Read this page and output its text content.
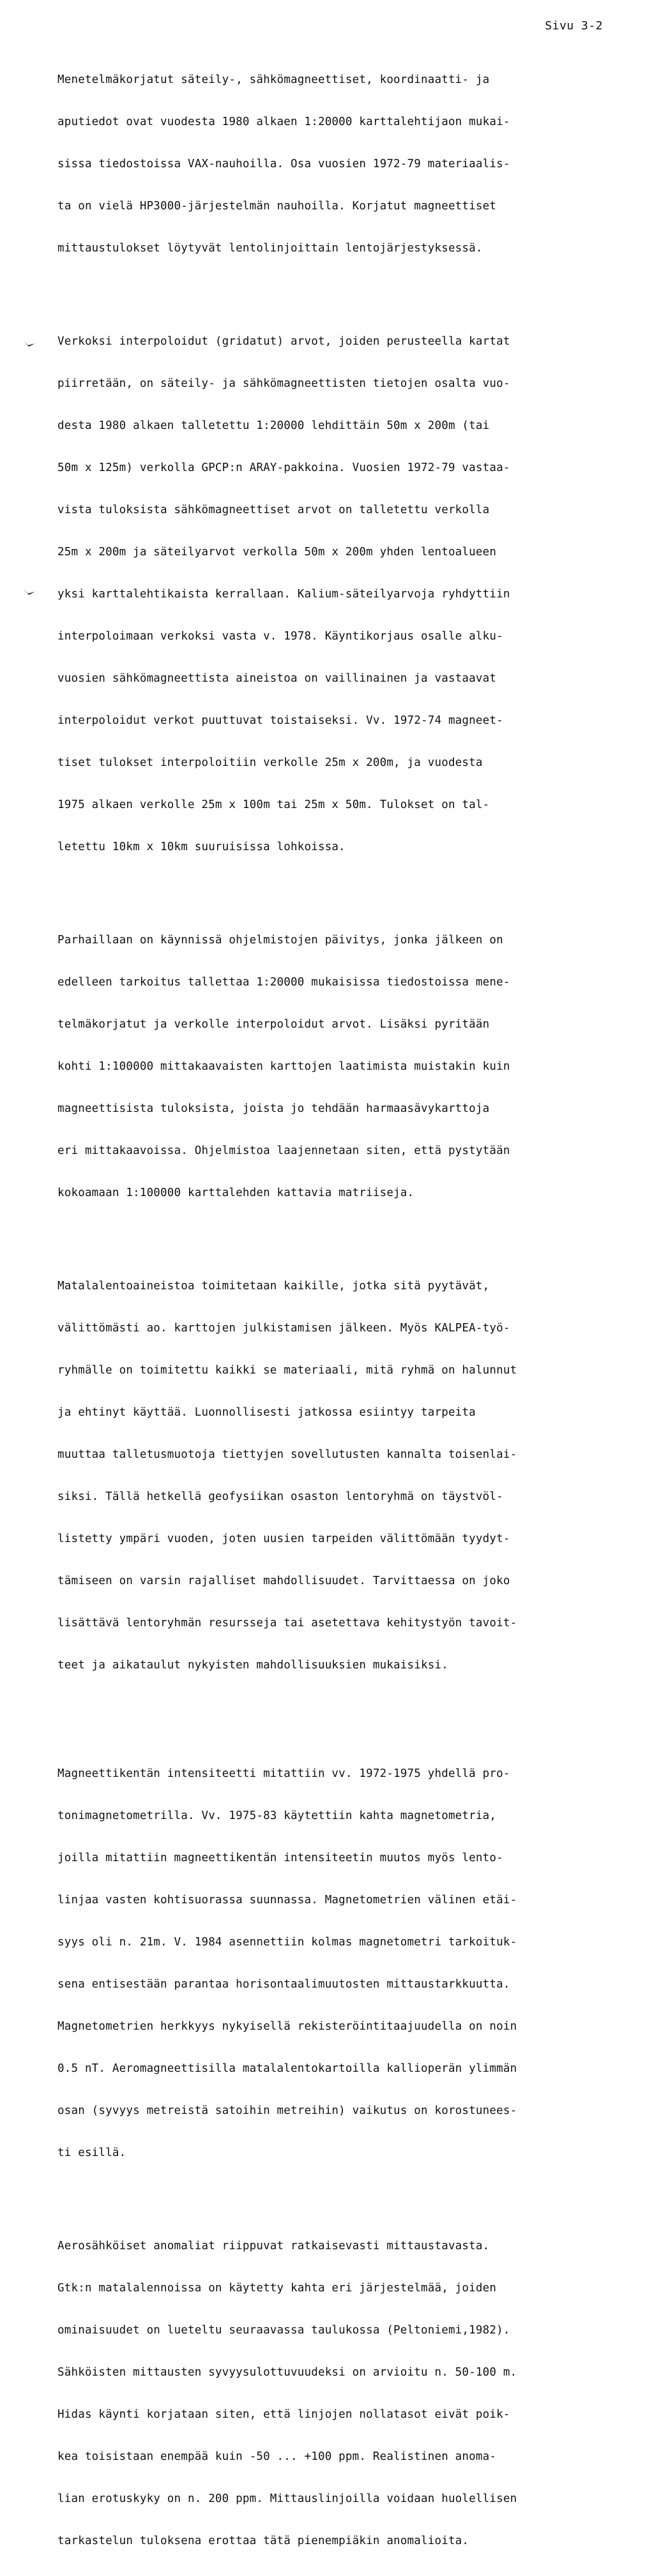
Sivu 3-2

Menetelmäkorjatut säteily-, sähkömagneettiset, koordinaatti- ja

aputiedot ovat vuodesta 1980 alkaen 1:20000 karttalehtijaon mukai-

sissa tiedostoissa VAX-nauhoilla. Osa vuosien 1972-79 materiaalis-

ta on vielä HP3000-järjestelmän nauhoilla. Korjatut magneettiset

mittaustulokset löytyvät lentolinjoittain lentojärjestyksessä.

Verkoksi interpoloidut (gridatut) arvot, joiden perusteella kartat

piirretään, on säteily- ja sähkömagneettisten tietojen osalta vuo-

desta 1980 alkaen talletettu 1:20000 lehdittäin 50m x 200m (tai

50m x 125m) verkolla GPCP:n ARAY-pakkoina. Vuosien 1972-79 vastaa-

vista tuloksista sähkömagneettiset arvot on talletettu verkolla

25m x 200m ja säteilyarvot verkolla 50m x 200m yhden lentoalueen

yksi karttalehtikaista kerrallaan. Kalium-säteilyarvoja ryhdyttiin

interpoloimaan verkoksi vasta v. 1978. Käyntikorjaus osalle alku-

vuosien sähkömagneettista aineistoa on vaillinainen ja vastaavat

interpoloidut verkot puuttuvat toistaiseksi. Vv. 1972-74 magneet-

tiset tulokset interpoloitiin verkolle 25m x 200m, ja vuodesta

1975 alkaen verkolle 25m x 100m tai 25m x 50m. Tulokset on tal-

letettu 10km x 10km suuruisissa lohkoissa.

Parhaillaan on käynnissä ohjelmistojen päivitys, jonka jälkeen on

edelleen tarkoitus tallettaa 1:20000 mukaisissa tiedostoissa mene-

telmäkorjatut ja verkolle interpoloidut arvot. Lisäksi pyritään

kohti 1:100000 mittakaavaisten karttojen laatimista muistakin kuin

magneettisista tuloksista, joista jo tehdään harmaasävykarttoja

eri mittakaavoissa. Ohjelmistoa laajennetaan siten, että pystytään

kokoamaan 1:100000 karttalehden kattavia matriiseja.

Matalalentoaineistoa toimitetaan kaikille, jotka sitä pyytävät,

välittömästi ao. karttojen julkistamisen jälkeen. Myös KALPEA-työ-

ryhmälle on toimitettu kaikki se materiaali, mitä ryhmä on halunnut

ja ehtinyt käyttää. Luonnollisesti jatkossa esiintyy tarpeita

muuttaa talletusmuotoja tiettyjen sovellutusten kannalta toisenlai-

siksi. Tällä hetkellä geofysiikan osaston lentoryhmä on täystvöl-

listetty ympäri vuoden, joten uusien tarpeiden välittömään tyydyt-

tämiseen on varsin rajalliset mahdollisuudet. Tarvittaessa on joko

lisättävä lentoryhmän resursseja tai asetettava kehitystyön tavoit-

teet ja aikataulut nykyisten mahdollisuuksien mukaisiksi.

Magneettikentän intensiteetti mitattiin vv. 1972-1975 yhdellä pro-

tonimagnetometrilla. Vv. 1975-83 käytettiin kahta magnetometria,

joilla mitattiin magneettikentän intensiteetin muutos myös lento-

linjaa vasten kohtisuorassa suunnassa. Magnetometrien välinen etäi-

syys oli n. 21m. V. 1984 asennettiin kolmas magnetometri tarkoituk-

sena entisestään parantaa horisontaalimuutosten mittaustarkkuutta.

Magnetometrien herkkyys nykyisellä rekisteröintitaajuudella on noin

0.5 nT. Aeromagneettisilla matalalentokartoilla kallioperän ylimmän

osan (syvyys metreistä satoihin metreihin) vaikutus on korostunees-

ti esillä.

Aerosähköiset anomaliat riippuvat ratkaisevasti mittaustavasta.

Gtk:n matalalennoissa on käytetty kahta eri järjestelmää, joiden

ominaisuudet on lueteltu seuraavassa taulukossa (Peltoniemi,1982).

Sähköisten mittausten syvyysulottuvuudeksi on arvioitu n. 50-100 m.

Hidas käynti korjataan siten, että linjojen nollatasot eivät poik-

kea toisistaan enempää kuin -50 ... +100 ppm. Realistinen anoma-

lian erotuskyky on n. 200 ppm. Mittauslinjoilla voidaan huolellisen

tarkastelun tuloksena erottaa tätä pienempiäkin anomalioita.
